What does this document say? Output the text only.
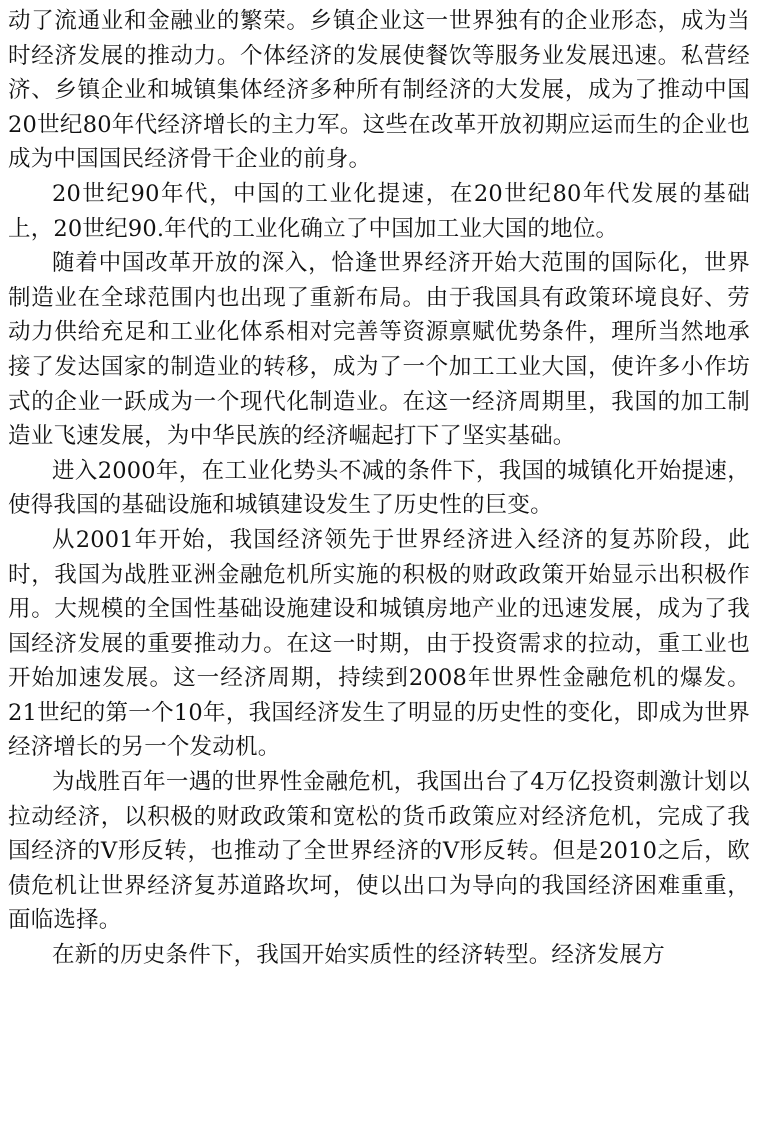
动了流通业和金融业的繁荣。乡镇企业这一世界独有的企业形态，成为当时经济发展的推动力。个体经济的发展使餐饮等服务业发展迅速。私营经济、乡镇企业和城镇集体经济多种所有制经济的大发展，成为了推动中国20世纪80年代经济增长的主力军。这些在改革开放初期应运而生的企业也成为中国国民经济骨干企业的前身。

20世纪90年代，中国的工业化提速，在20世纪80年代发展的基础上，20世纪90.年代的工业化确立了中国加工业大国的地位。

随着中国改革开放的深入，恰逢世界经济开始大范围的国际化，世界制造业在全球范围内也出现了重新布局。由于我国具有政策环境良好、劳动力供给充足和工业化体系相对完善等资源禀赋优势条件，理所当然地承接了发达国家的制造业的转移，成为了一个加工工业大国，使许多小作坊式的企业一跃成为一个现代化制造业。在这一经济周期里，我国的加工制造业飞速发展，为中华民族的经济崛起打下了坚实基础。

进入2000年，在工业化势头不减的条件下，我国的城镇化开始提速，使得我国的基础设施和城镇建设发生了历史性的巨变。

从2001年开始，我国经济领先于世界经济进入经济的复苏阶段，此时，我国为战胜亚洲金融危机所实施的积极的财政政策开始显示出积极作用。大规模的全国性基础设施建设和城镇房地产业的迅速发展，成为了我国经济发展的重要推动力。在这一时期，由于投资需求的拉动，重工业也开始加速发展。这一经济周期，持续到2008年世界性金融危机的爆发。21世纪的第一个10年，我国经济发生了明显的历史性的变化，即成为世界经济增长的另一个发动机。

为战胜百年一遇的世界性金融危机，我国出台了4万亿投资刺激计划以拉动经济，以积极的财政政策和宽松的货币政策应对经济危机，完成了我国经济的V形反转，也推动了全世界经济的V形反转。但是2010之后，欧债危机让世界经济复苏道路坎坷，使以出口为导向的我国经济困难重重，面临选择。

在新的历史条件下，我国开始实质性的经济转型。经济发展方
